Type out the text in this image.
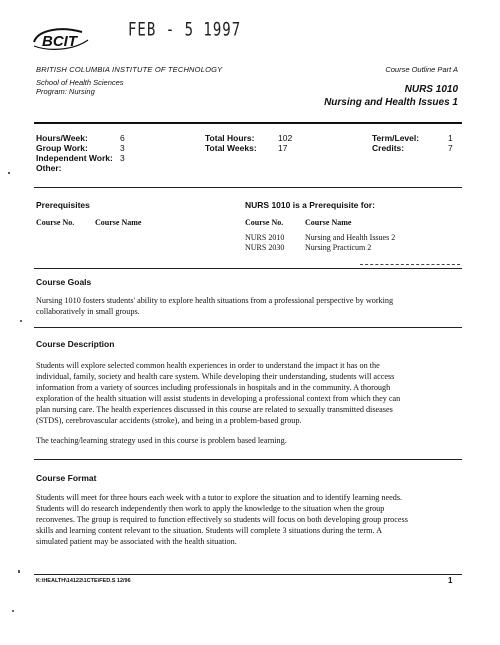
FEB - 5 1997
BCIT
BRITISH COLUMBIA INSTITUTE OF TECHNOLOGY
School of Health Sciences
Program: Nursing
Course Outline Part A
NURS 1010
Nursing and Health Issues 1
Hours/Week:	6
Group Work:	3
Independent Work: 3
Other:
Total Hours:	102
Total Weeks:	17
Term/Level:	1
Credits:	7
Prerequisites
Course No.	Course Name
NURS 1010 is a Prerequisite for:
Course No.	Course Name
NURS 2010	Nursing and Health Issues 2
NURS 2030	Nursing Practicum 2
Course Goals
Nursing 1010 fosters students' ability to explore health situations from a professional perspective by working
collaboratively in small groups.
Course Description
Students will explore selected common health experiences in order to understand the impact it has on the
individual, family, society and health care system. While developing their understanding, students will access
information from a variety of sources including professionals in hospitals and in the community. A thorough
exploration of the health situation will assist students in developing a professional context from which they can
plan nursing care. The health experiences discussed in this course are related to sexually transmitted diseases
(STDS), cerebrovascular accidents (stroke), and being in a problem-based group.
The teaching/learning strategy used in this course is problem based learning.
Course Format
Students will meet for three hours each week with a tutor to explore the situation and to identify learning needs.
Students will do research independently then work to apply the knowledge to the situation when the group
reconvenes. The group is required to function effectively so students will focus on both developing group process
skills and learning content relevant to the situation. Students will complete 3 situations during the term. A
simulated patient may be associated with the health situation.
K:\HEALTH\14122\1CTE\FED.S 12/96	1
